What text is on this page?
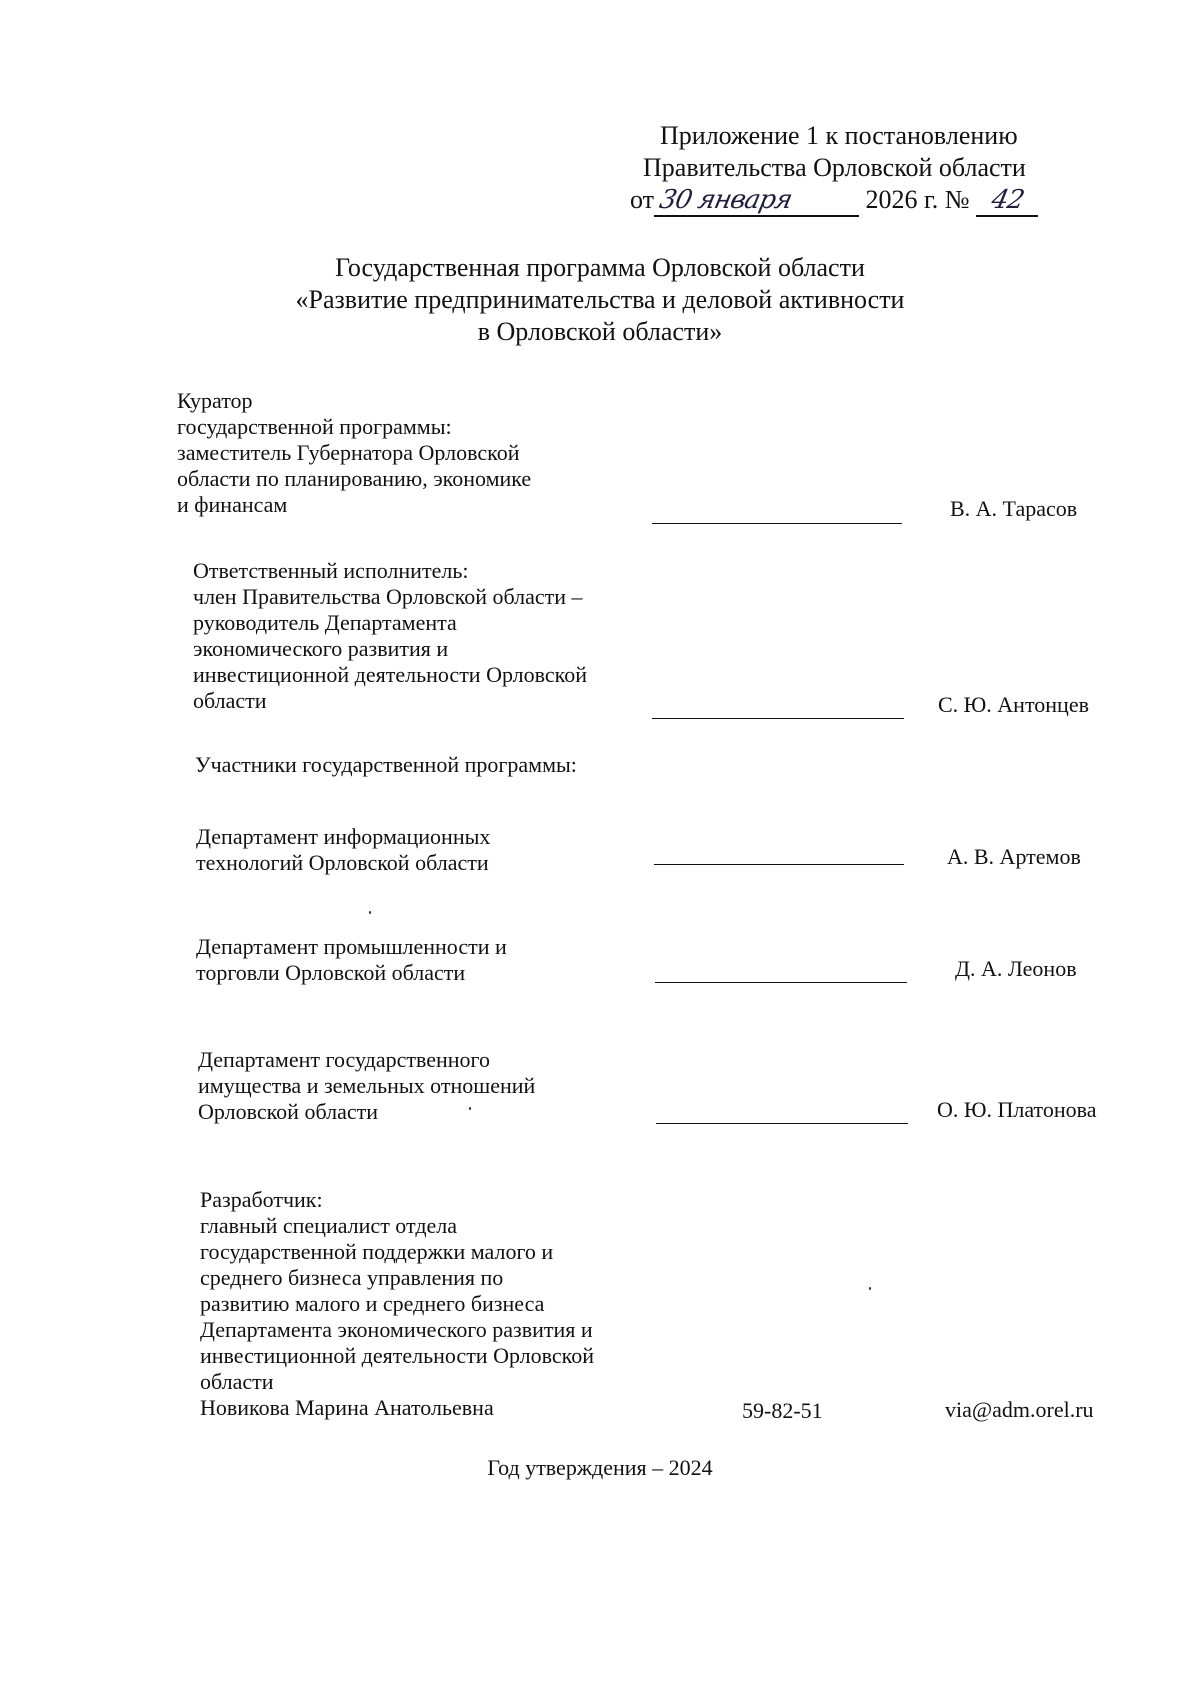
Приложение 1 к постановлению
Правительства Орловской области
от 30 января	2026 г. № 42
Государственная программа Орловской области
«Развитие предпринимательства и деловой активности
в Орловской области»
Куратор
государственной программы:
заместитель Губернатора Орловской
области по планированию, экономике
и финансам	В. А. Тарасов
Ответственный исполнитель:
член Правительства Орловской области –
руководитель Департамента
экономического развития и
инвестиционной деятельности Орловской
области	С. Ю. Антонцев
Участники государственной программы:
Департамент информационных
технологий Орловской области	А. В. Артемов
Департамент промышленности и
торговли Орловской области	Д. А. Леонов
Департамент государственного
имущества и земельных отношений
Орловской области	О. Ю. Платонова
Разработчик:
главный специалист отдела
государственной поддержки малого и
среднего бизнеса управления по
развитию малого и среднего бизнеса
Департамента экономического развития и
инвестиционной деятельности Орловской
области
Новикова Марина Анатольевна	59-82-51	via@adm.orel.ru
Год утверждения – 2024
